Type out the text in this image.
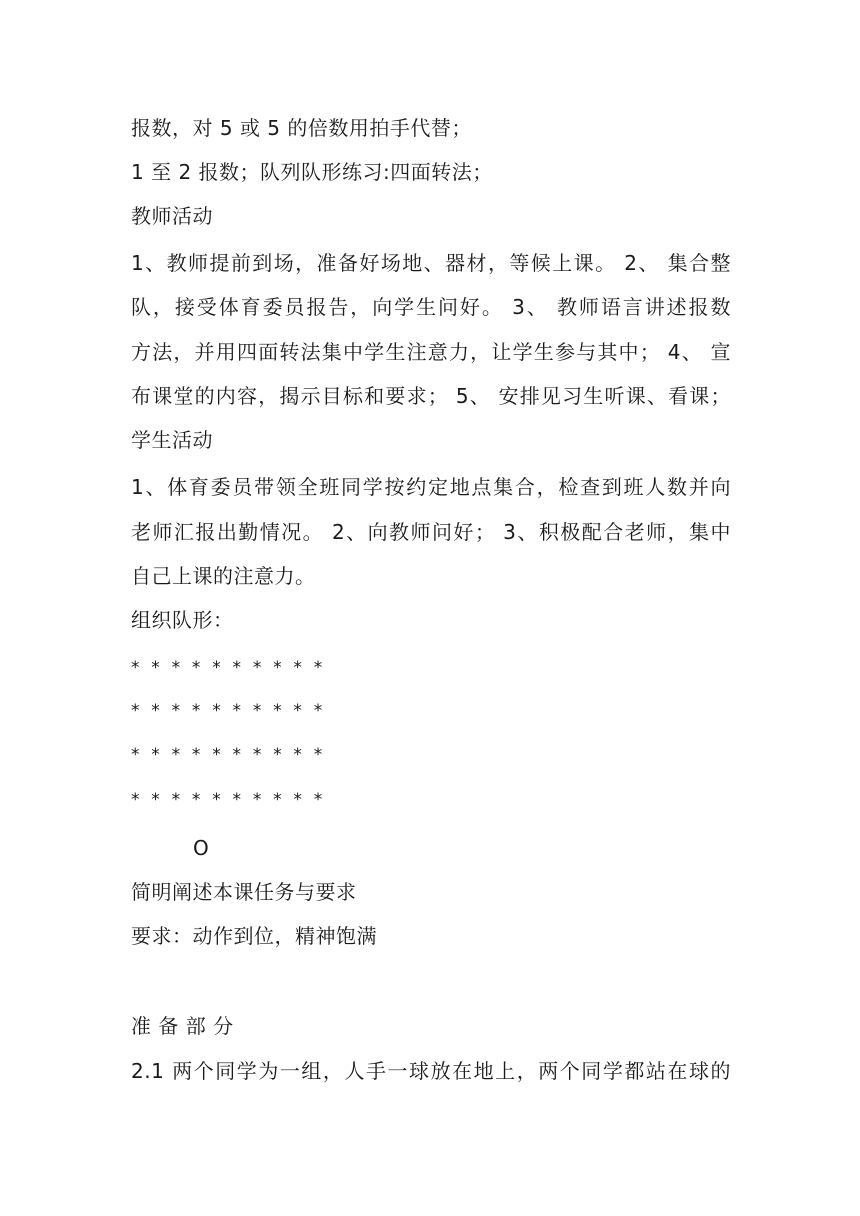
报数，对 5 或 5 的倍数用拍手代替；
1 至 2 报数；队列队形练习:四面转法；
教师活动
1、教师提前到场，准备好场地、器材，等候上课。 2、 集合整
队，接受体育委员报告，向学生问好。 3、 教师语言讲述报数
方法，并用四面转法集中学生注意力，让学生参与其中； 4、 宣
布课堂的内容，揭示目标和要求； 5、 安排见习生听课、看课；
学生活动
1、体育委员带领全班同学按约定地点集合，检查到班人数并向
老师汇报出勤情况。 2、向教师问好； 3、积极配合老师，集中
自己上课的注意力。
组织队形：
* * * * * * * * * *
* * * * * * * * * *
* * * * * * * * * *
* * * * * * * * * *
O
简明阐述本课任务与要求
要求：动作到位，精神饱满
准 备 部 分
2.1 两个同学为一组，人手一球放在地上，两个同学都站在球的
